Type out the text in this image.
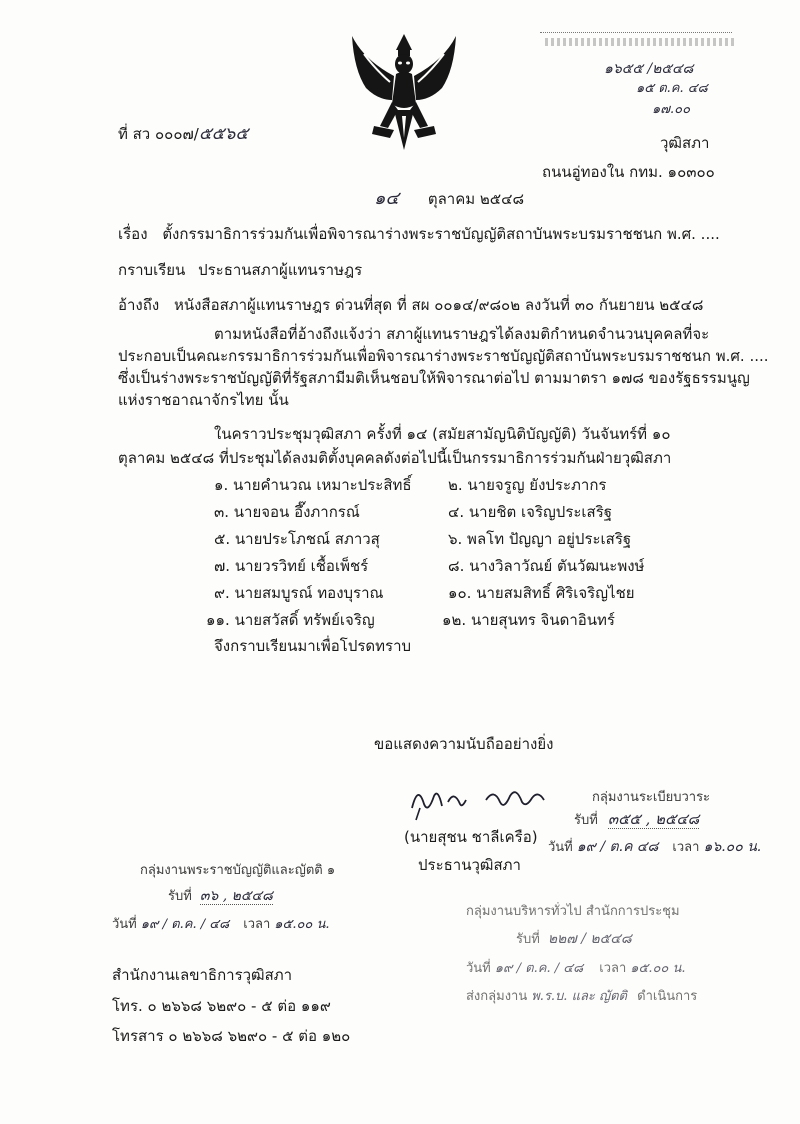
๑๖๕๕ /๒๕๔๘
๑๕ ต.ค. ๔๘
๑๗.๐๐
ที่ สว ๐๐๐๗/๕๕๖๕	วุฒิสภา
ถนนอู่ทองใน กทม. ๑๐๓๐๐
๑๔ ตุลาคม ๒๕๔๘
เรื่อง ตั้งกรรมาธิการร่วมกันเพื่อพิจารณาร่างพระราชบัญญัติสถาบันพระบรมราชชนก พ.ศ. ....
กราบเรียน ประธานสภาผู้แทนราษฎร
อ้างถึง หนังสือสภาผู้แทนราษฎร ด่วนที่สุด ที่ สผ ๐๐๑๔/๙๘๐๒ ลงวันที่ ๓๐ กันยายน ๒๕๔๘
ตามหนังสือที่อ้างถึงแจ้งว่า สภาผู้แทนราษฎรได้ลงมติกำหนดจำนวนบุคคลที่จะ
ประกอบเป็นคณะกรรมาธิการร่วมกันเพื่อพิจารณาร่างพระราชบัญญัติสถาบันพระบรมราชชนก พ.ศ. ....
ซึ่งเป็นร่างพระราชบัญญัติที่รัฐสภามีมติเห็นชอบให้พิจารณาต่อไป ตามมาตรา ๑๗๘ ของรัฐธรรมนูญ
แห่งราชอาณาจักรไทย นั้น
ในคราวประชุมวุฒิสภา ครั้งที่ ๑๔ (สมัยสามัญนิติบัญญัติ) วันจันทร์ที่ ๑๐
ตุลาคม ๒๕๔๘ ที่ประชุมได้ลงมติตั้งบุคคลดังต่อไปนี้เป็นกรรมาธิการร่วมกันฝ่ายวุฒิสภา
๑. นายคำนวณ เหมาะประสิทธิ์ ๒. นายจรูญ ยังประภากร
๓. นายจอน อึ๊งภากรณ์	๔. นายชิต เจริญประเสริฐ
๕. นายประโภชณ์ สภาวสุ	๖. พลโท ปัญญา อยู่ประเสริฐ
๗. นายวรวิทย์ เชื้อเพ็ชร์	๘. นางวิลาวัณย์ ตันวัฒนะพงษ์
๙. นายสมบูรณ์ ทองบุราณ	๑๐. นายสมสิทธิ์ ศิริเจริญไชย
๑๑. นายสวัสดิ์ ทรัพย์เจริญ	๑๒. นายสุนทร จินดาอินทร์
จึงกราบเรียนมาเพื่อโปรดทราบ
ขอแสดงความนับถืออย่างยิ่ง
(นายสุชน ชาลีเครือ)
ประธานวุฒิสภา
กลุ่มงานระเบียบวาระ
รับที่ ๓๕๕ , ๒๕๔๘
วันที่ ๑๙ / ต.ค ๔๘ เวลา ๑๖.๐๐ น.
กลุ่มงานพระราชบัญญัติและญัตติ ๑
รับที่ ๓๖ , ๒๕๔๘
วันที่ ๑๙ / ต.ค. / ๔๘ เวลา ๑๕.๐๐ น.
กลุ่มงานบริหารทั่วไป สำนักการประชุม
รับที่ ๒๒๗ / ๒๕๔๘
วันที่ ๑๙ / ต.ค. / ๔๘ เวลา ๑๕.๐๐ น.
ส่งกลุ่มงาน พ.ร.บ. และ ญัตติ ดำเนินการ
สำนักงานเลขาธิการวุฒิสภา
โทร. ๐ ๒๖๖๘ ๖๒๙๐ - ๕ ต่อ ๑๑๙
โทรสาร ๐ ๒๖๖๘ ๖๒๙๐ - ๕ ต่อ ๑๒๐
